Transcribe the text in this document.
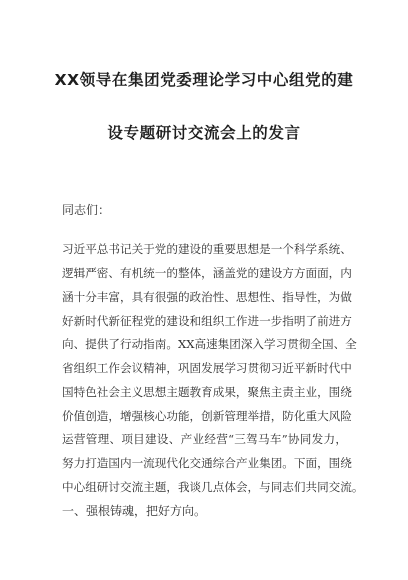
XX领导在集团党委理论学习中心组党的建
设专题研讨交流会上的发言
同志们：
习近平总书记关于党的建设的重要思想是一个科学系统、
逻辑严密、有机统一的整体，涵盖党的建设方方面面，内
涵十分丰富，具有很强的政治性、思想性、指导性，为做
好新时代新征程党的建设和组织工作进一步指明了前进方
向、提供了行动指南。XX高速集团深入学习贯彻全国、全
省组织工作会议精神，巩固发展学习贯彻习近平新时代中
国特色社会主义思想主题教育成果，聚焦主责主业，围绕
价值创造，增强核心功能，创新管理举措，防化重大风险
运营管理、项目建设、产业经营“三驾马车”协同发力，
努力打造国内一流现代化交通综合产业集团。下面，围绕
中心组研讨交流主题，我谈几点体会，与同志们共同交流。
一、强根铸魂，把好方向。
